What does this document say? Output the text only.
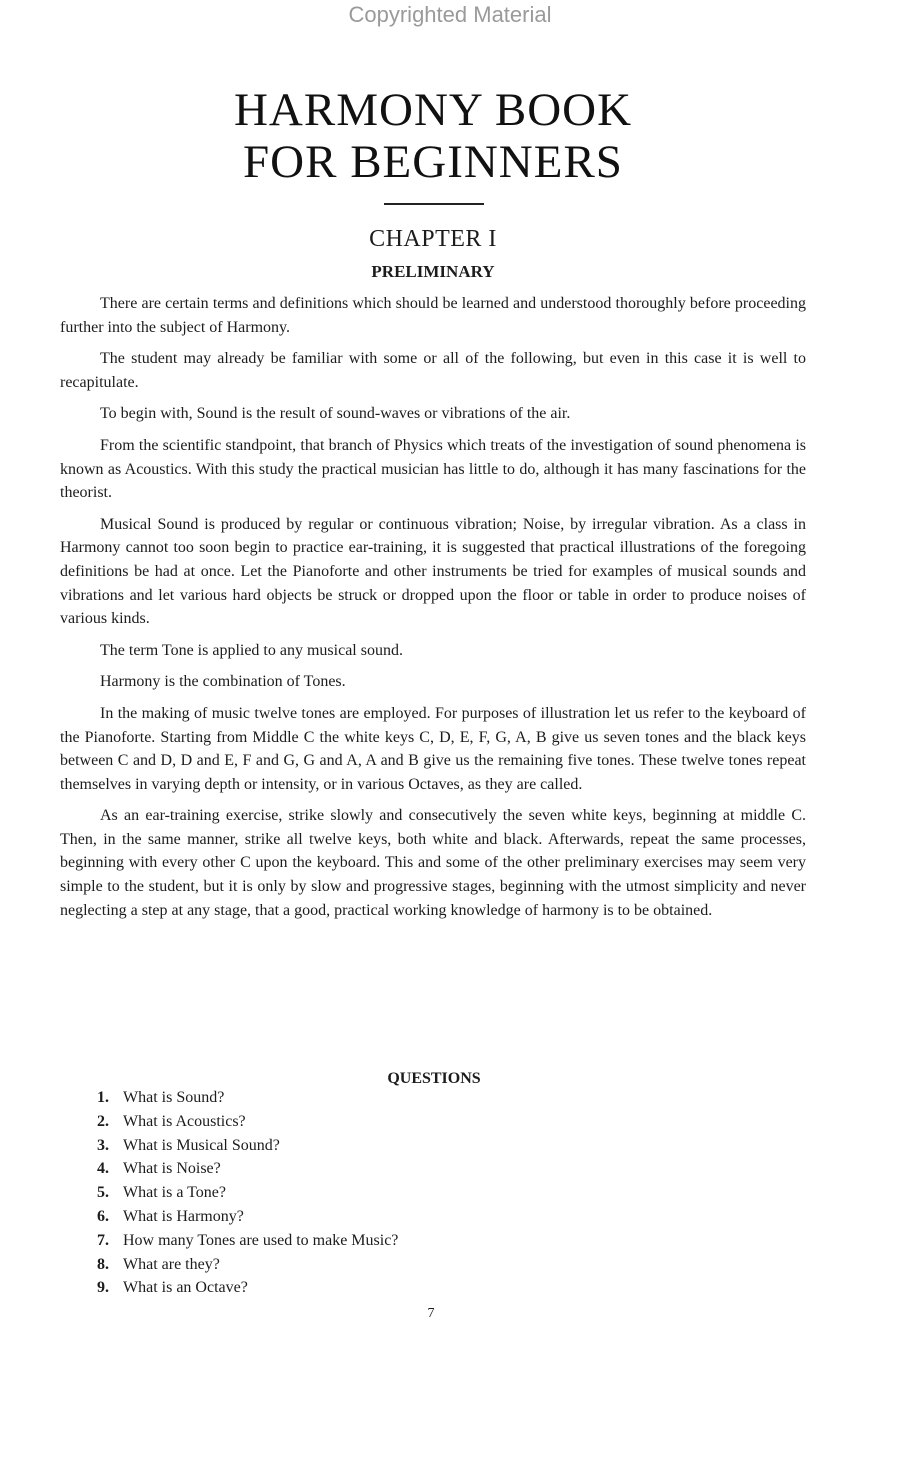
Copyrighted Material
HARMONY BOOK
FOR BEGINNERS
CHAPTER I
PRELIMINARY

There are certain terms and definitions which should be learned and understood thoroughly before proceeding further into the subject of Harmony.

The student may already be familiar with some or all of the following, but even in this case it is well to recapitulate.

To begin with, Sound is the result of sound-waves or vibrations of the air.

From the scientific standpoint, that branch of Physics which treats of the investigation of sound phenomena is known as Acoustics. With this study the practical musician has little to do, although it has many fascinations for the theorist.

Musical Sound is produced by regular or continuous vibration; Noise, by irregular vibration. As a class in Harmony cannot too soon begin to practice ear-training, it is suggested that practical illustrations of the foregoing definitions be had at once. Let the Pianoforte and other instruments be tried for examples of musical sounds and vibrations and let various hard objects be struck or dropped upon the floor or table in order to produce noises of various kinds.

The term Tone is applied to any musical sound.

Harmony is the combination of Tones.

In the making of music twelve tones are employed. For purposes of illustration let us refer to the keyboard of the Pianoforte. Starting from Middle C the white keys C, D, E, F, G, A, B give us seven tones and the black keys between C and D, D and E, F and G, G and A, A and B give us the remaining five tones. These twelve tones repeat themselves in varying depth or intensity, or in various Octaves, as they are called.

As an ear-training exercise, strike slowly and consecutively the seven white keys, beginning at middle C. Then, in the same manner, strike all twelve keys, both white and black. Afterwards, repeat the same processes, beginning with every other C upon the keyboard. This and some of the other preliminary exercises may seem very simple to the student, but it is only by slow and progressive stages, beginning with the utmost simplicity and never neglecting a step at any stage, that a good, practical working knowledge of harmony is to be obtained.

QUESTIONS
1. What is Sound?
2. What is Acoustics?
3. What is Musical Sound?
4. What is Noise?
5. What is a Tone?
6. What is Harmony?
7. How many Tones are used to make Music?
8. What are they?
9. What is an Octave?
7
